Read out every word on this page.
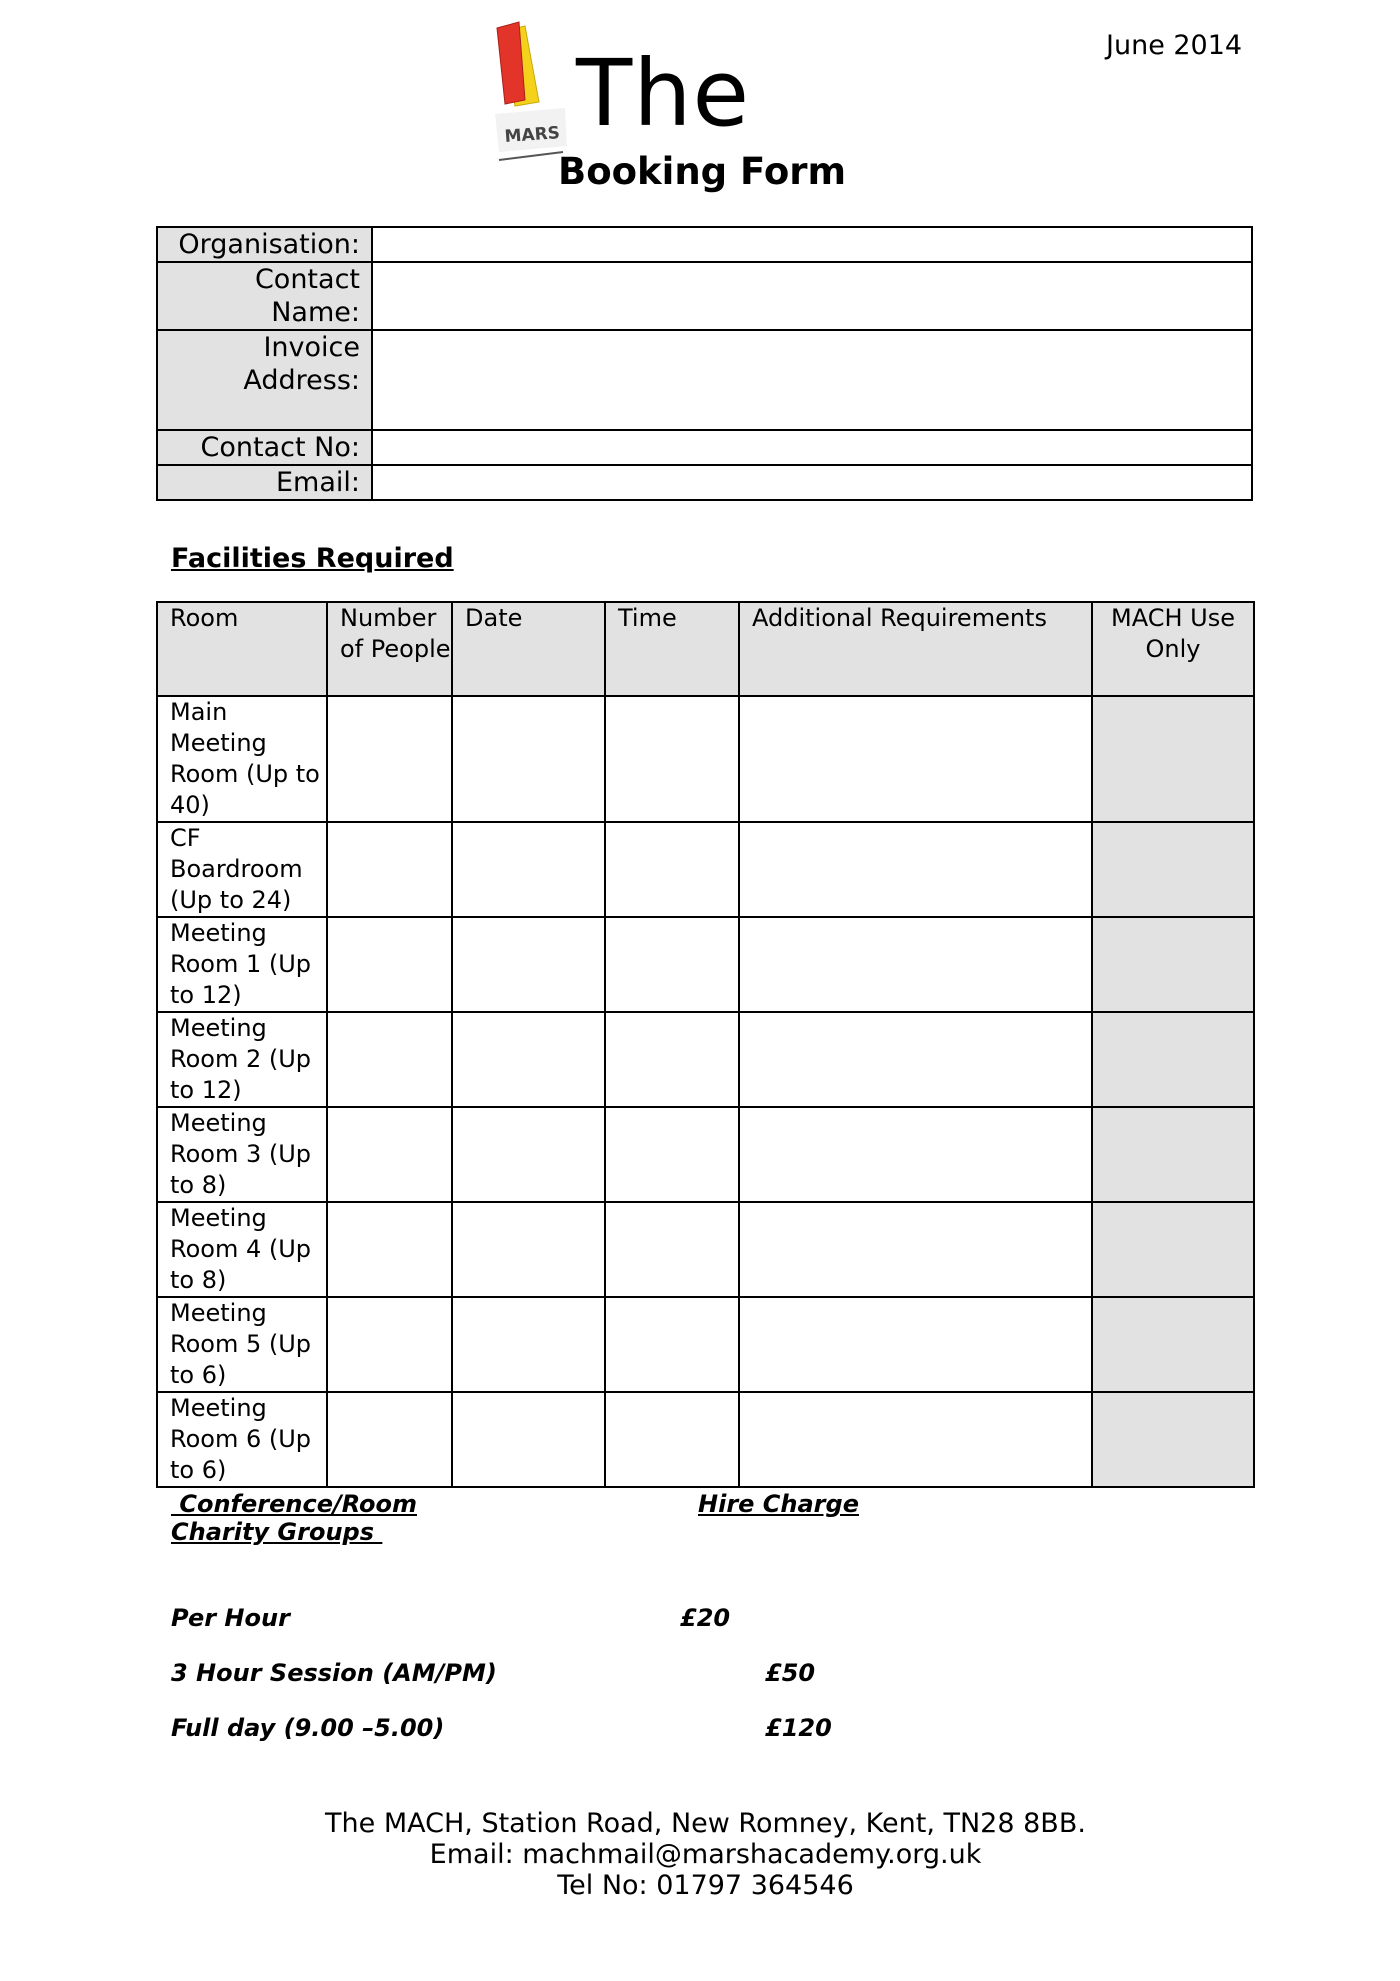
June 2014
MARS The
Booking Form
Organisation:	
Contact Name:	
Invoice Address:	
Contact No:	
Email:	
Facilities Required
Room	Number of People	Date	Time	Additional Requirements	MACH Use Only
Main Meeting Room (Up to 40)					
CF Boardroom (Up to 24)					
Meeting Room 1 (Up to 12)					
Meeting Room 2 (Up to 12)					
Meeting Room 3 (Up to 8)					
Meeting Room 4 (Up to 8)					
Meeting Room 5 (Up to 6)					
Meeting Room 6 (Up to 6)					
Conference/Room
Charity Groups
Hire Charge
Per Hour	£20
3 Hour Session (AM/PM)	£50
Full day (9.00 –5.00)	£120
The MACH, Station Road, New Romney, Kent, TN28 8BB.
Email: machmail@marshacademy.org.uk
Tel No: 01797 364546
